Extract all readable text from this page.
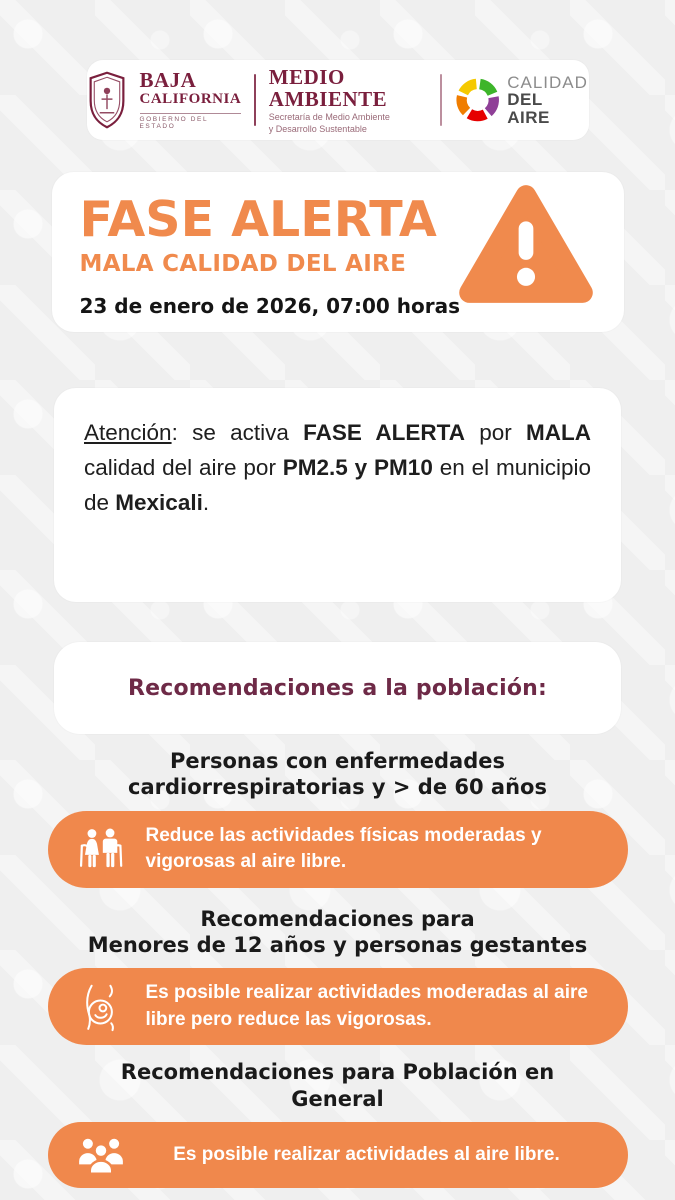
BAJA
CALIFORNIA
GOBIERNO DEL ESTADO
MEDIO AMBIENTE
Secretaría de Medio Ambiente
y Desarrollo Sustentable
CALIDAD
DEL AIRE
FASE ALERTA
MALA CALIDAD DEL AIRE
23 de enero de 2026, 07:00 horas

Atención: se activa FASE ALERTA por MALA calidad del aire por PM2.5 y PM10 en el municipio de Mexicali.

Recomendaciones a la población:
Personas con enfermedades
cardiorrespiratorias y > de 60 años
Reduce las actividades físicas moderadas y vigorosas al aire libre.
Recomendaciones para
Menores de 12 años y personas gestantes
Es posible realizar actividades moderadas al aire libre pero reduce las vigorosas.
Recomendaciones para Población en
General
Es posible realizar actividades al aire libre.
